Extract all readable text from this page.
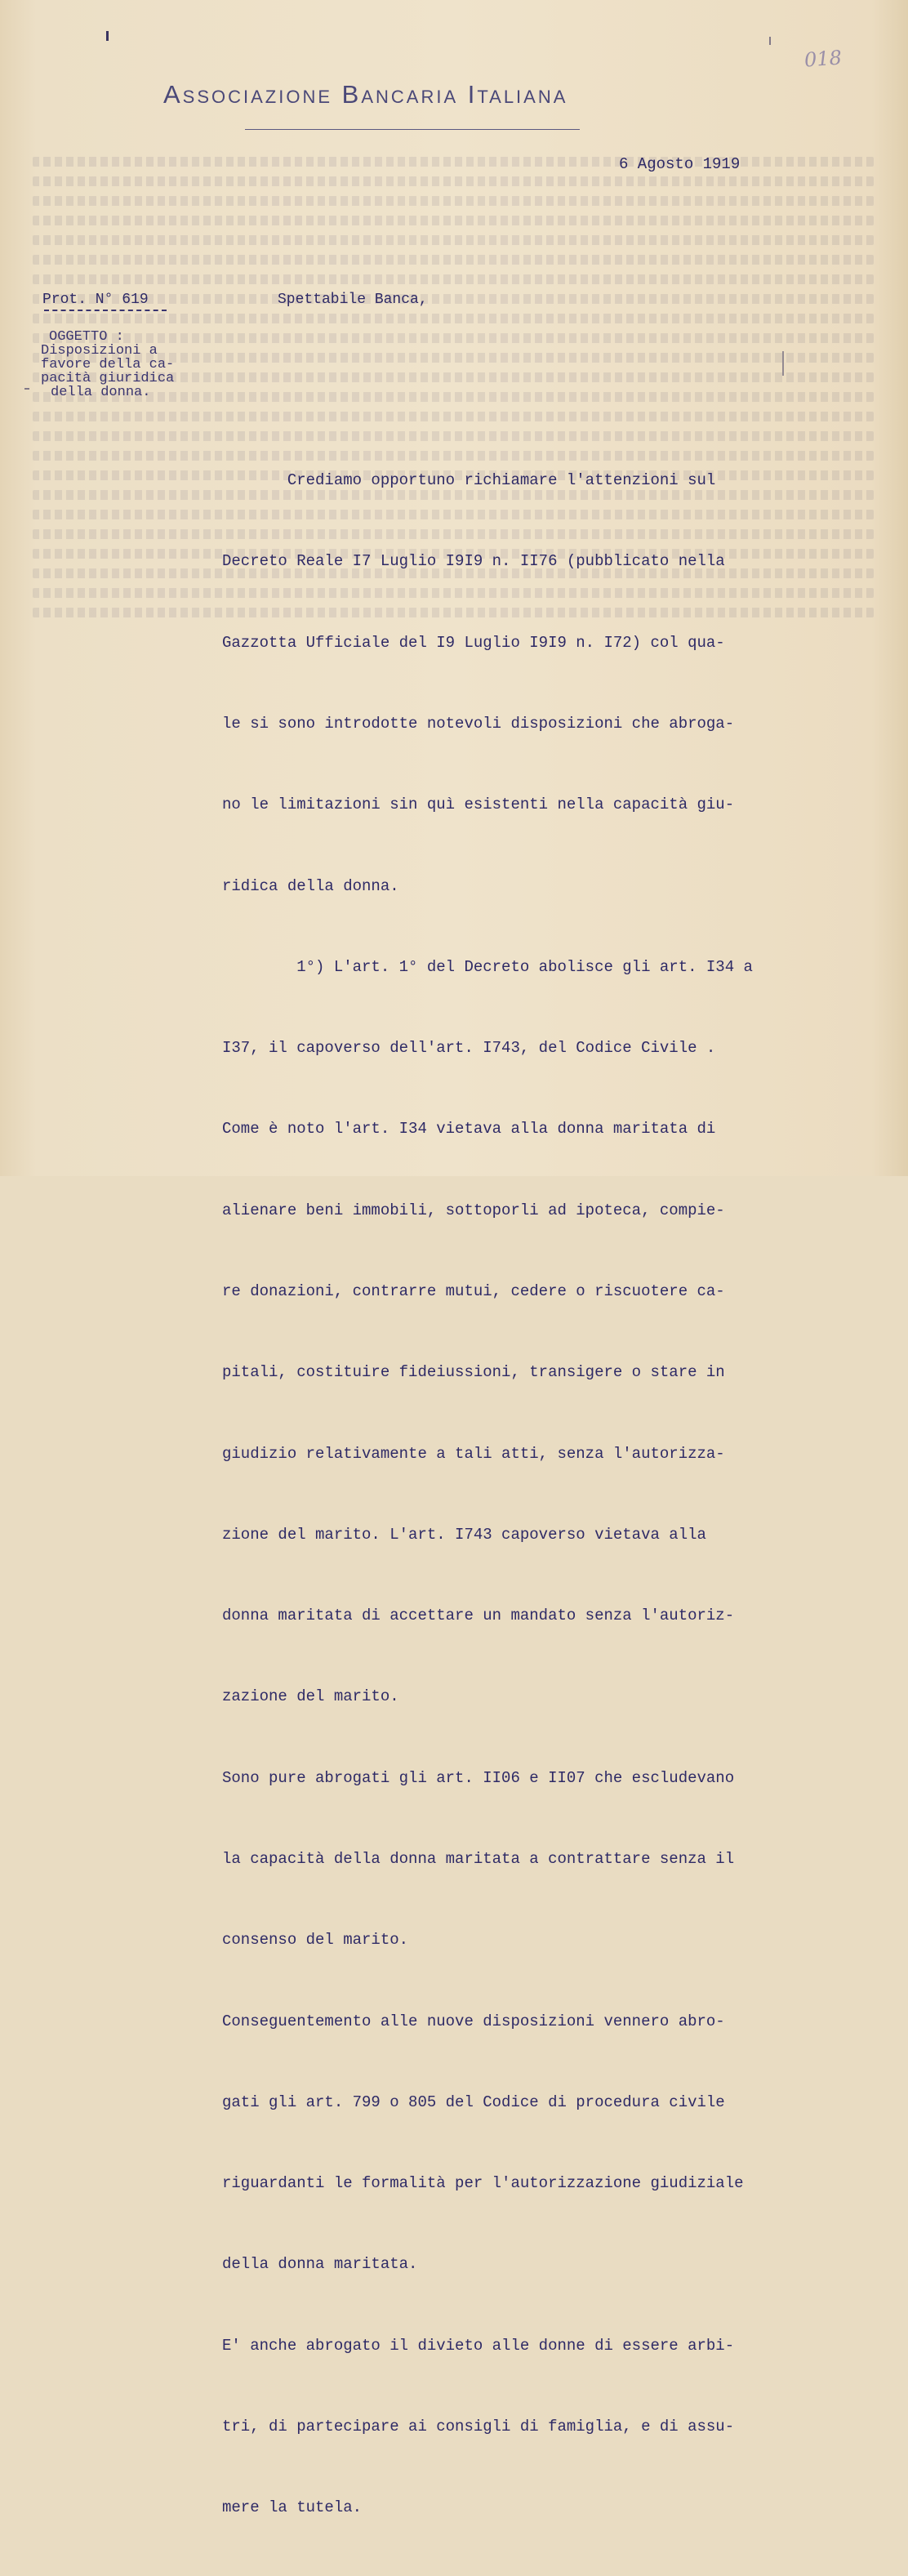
018
Associazione Bancaria Italiana
6 Agosto 1919
Prot. N° 619	Spettabile Banca,
OGGETTO :
Disposizioni a
favore della ca-
pacità giuridica
della donna.

Crediamo opportuno richiamare l'attenzioni sul

Decreto Reale I7 Luglio I9I9 n. II76 (pubblicato nella

Gazzotta Ufficiale del I9 Luglio I9I9 n. I72) col qua-

le si sono introdotte notevoli disposizioni che abroga-

no le limitazioni sin quì esistenti nella capacità giu-

ridica della donna.

1°) L'art. 1° del Decreto abolisce gli art. I34 a

I37, il capoverso dell'art. I743, del Codice Civile .

Come è noto l'art. I34 vietava alla donna maritata di

alienare beni immobili, sottoporli ad ipoteca, compie-

re donazioni, contrarre mutui, cedere o riscuotere ca-

pitali, costituire fideiussioni, transigere o stare in

giudizio relativamente a tali atti, senza l'autorizza-

zione del marito. L'art. I743 capoverso vietava alla

donna maritata di accettare un mandato senza l'autoriz-

zazione del marito.

Sono pure abrogati gli art. II06 e II07 che escludevano

la capacità della donna maritata a contrattare senza il

consenso del marito.

Conseguentemento alle nuove disposizioni vennero abro-

gati gli art. 799 o 805 del Codice di procedura civile

riguardanti le formalità per l'autorizzazione giudiziale

della donna maritata.

E' anche abrogato il divieto alle donne di essere arbi-

tri, di partecipare ai consigli di famiglia, e di assu-

mere la tutela.
